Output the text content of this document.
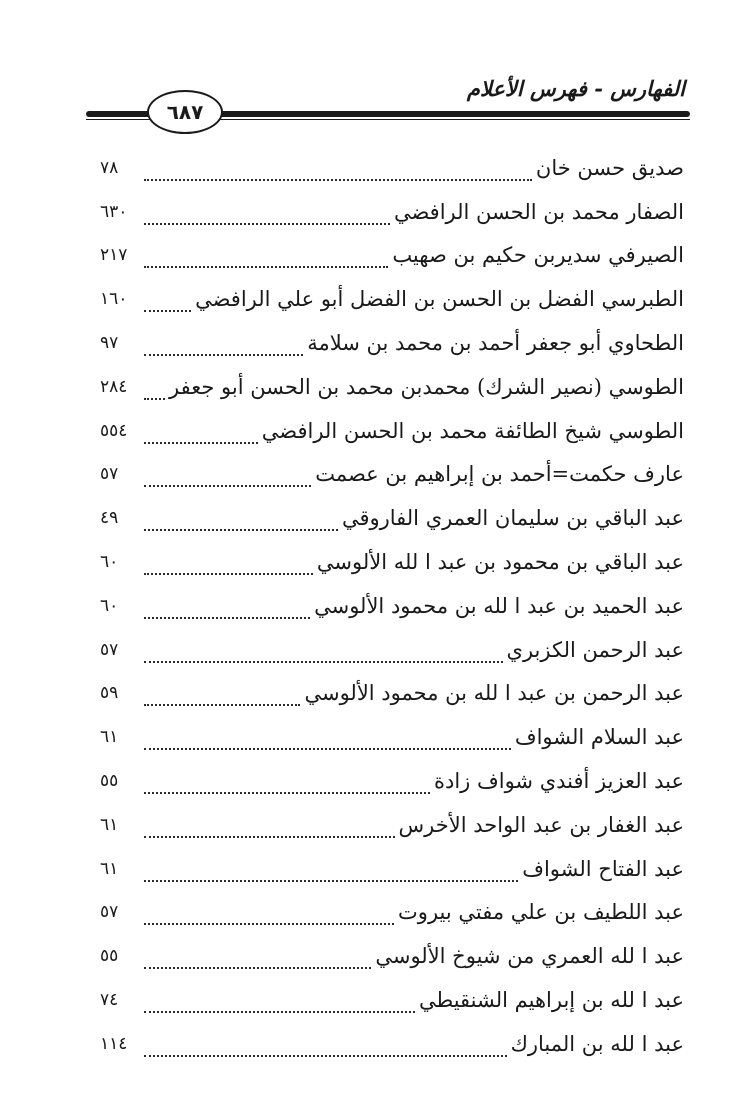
الفهارس - فهرس الأعلام
٦٨٧
صديق حسن خان
٧٨
الصفار محمد بن الحسن الرافضي
٦٣٠
الصيرفي سديربن حكيم بن صهيب
٢١٧
الطبرسي الفضل بن الحسن بن الفضل أبو علي الرافضي
١٦٠
الطحاوي أبو جعفر أحمد بن محمد بن سلامة
٩٧
الطوسي (نصير الشرك) محمدبن محمد بن الحسن أبو جعفر
٢٨٤
الطوسي شيخ الطائفة محمد بن الحسن الرافضي
٥٥٤
عارف حكمت=أحمد بن إبراهيم بن عصمت
٥٧
عبد الباقي بن سليمان العمري الفاروقي
٤٩
عبد الباقي بن محمود بن عبد ا لله الألوسي
٦٠
عبد الحميد بن عبد ا لله بن محمود الألوسي
٦٠
عبد الرحمن الكزبري
٥٧
عبد الرحمن بن عبد ا لله بن محمود الألوسي
٥٩
عبد السلام الشواف
٦١
عبد العزيز أفندي شواف زادة
٥٥
عبد الغفار بن عبد الواحد الأخرس
٦١
عبد الفتاح الشواف
٦١
عبد اللطيف بن علي مفتي بيروت
٥٧
عبد ا لله العمري من شيوخ الألوسي
٥٥
عبد ا لله بن إبراهيم الشنقيطي
٧٤
عبد ا لله بن المبارك
١١٤
